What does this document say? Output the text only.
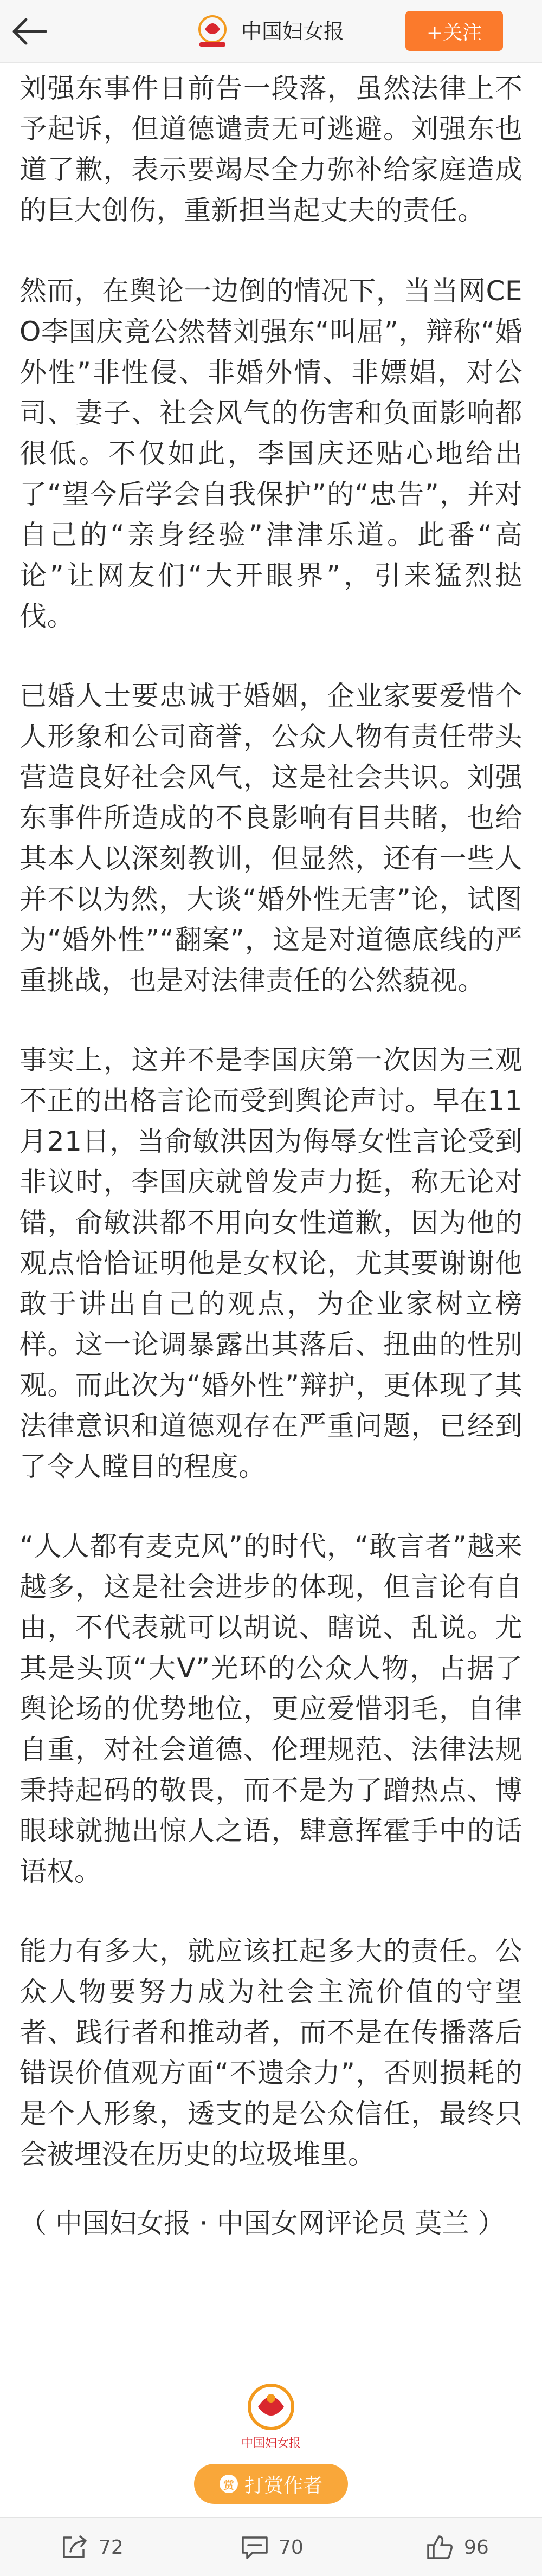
中国妇女报	+关注

刘强东事件日前告一段落，虽然法律上不予起诉，但道德谴责无可逃避。刘强东也道了歉，表示要竭尽全力弥补给家庭造成的巨大创伤，重新担当起丈夫的责任。

然而，在舆论一边倒的情况下，当当网CEO李国庆竟公然替刘强东“叫屈”，辩称“婚外性”非性侵、非婚外情、非嫖娼，对公司、妻子、社会风气的伤害和负面影响都很低。不仅如此，李国庆还贴心地给出了“望今后学会自我保护”的“忠告”，并对自己的“亲身经验”津津乐道。此番“高论”让网友们“大开眼界”，引来猛烈挞伐。

已婚人士要忠诚于婚姻，企业家要爱惜个人形象和公司商誉，公众人物有责任带头营造良好社会风气，这是社会共识。刘强东事件所造成的不良影响有目共睹，也给其本人以深刻教训，但显然，还有一些人并不以为然，大谈“婚外性无害”论，试图为“婚外性”“翻案”，这是对道德底线的严重挑战，也是对法律责任的公然藐视。

事实上，这并不是李国庆第一次因为三观不正的出格言论而受到舆论声讨。早在11月21日，当俞敏洪因为侮辱女性言论受到非议时，李国庆就曾发声力挺，称无论对错，俞敏洪都不用向女性道歉，因为他的观点恰恰证明他是女权论，尤其要谢谢他敢于讲出自己的观点，为企业家树立榜样。这一论调暴露出其落后、扭曲的性别观。而此次为“婚外性”辩护，更体现了其法律意识和道德观存在严重问题，已经到了令人瞠目的程度。

“人人都有麦克风”的时代，“敢言者”越来越多，这是社会进步的体现，但言论有自由，不代表就可以胡说、瞎说、乱说。尤其是头顶“大V”光环的公众人物，占据了舆论场的优势地位，更应爱惜羽毛，自律自重，对社会道德、伦理规范、法律法规秉持起码的敬畏，而不是为了蹭热点、博眼球就抛出惊人之语，肆意挥霍手中的话语权。

能力有多大，就应该扛起多大的责任。公众人物要努力成为社会主流价值的守望者、践行者和推动者，而不是在传播落后错误价值观方面“不遗余力”，否则损耗的是个人形象，透支的是公众信任，最终只会被埋没在历史的垃圾堆里。

（ 中国妇女报 · 中国女网评论员 莫兰 ）

中国妇女报
赏 打赏作者
72	70	96
